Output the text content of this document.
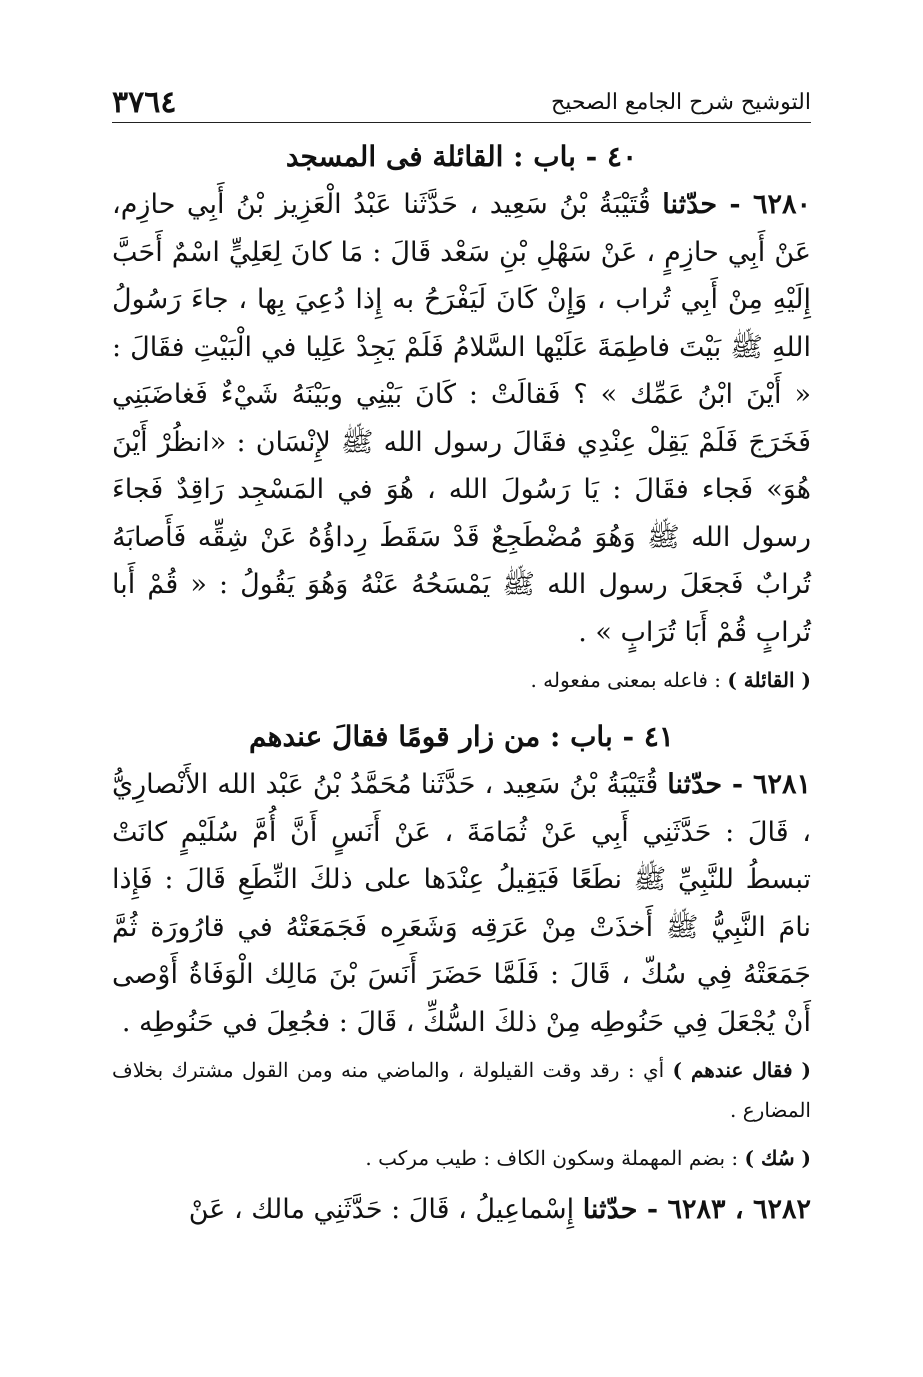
٣٧٦٤	التوشيح شرح الجامع الصحيح
٤٠ - باب : القائلة فى المسجد

٦٢٨٠ - حدّثنا قُتَيْبَةُ بْنُ سَعِيد ، حَدَّثَنا عَبْدُ الْعَزِيز بْنُ أَبِي حازِم، عَنْ أَبِي حازِمٍ ، عَنْ سَهْلِ بْنِ سَعْد قَالَ : مَا كانَ لِعَلِيٍّ اسْمٌ أَحَبَّ إِلَيْهِ مِنْ أَبِي تُراب ، وَإِنْ كَانَ لَيَفْرَحُ به إِذا دُعِيَ بِها ، جاءَ رَسُولُ اللهِ ﷺ بَيْتَ فاطِمَةَ عَلَيْها السَّلامُ فَلَمْ يَجِدْ عَلِيا في الْبَيْتِ فقَالَ : « أَيْنَ ابْنُ عَمِّك » ؟ فَقالَتْ : كَانَ بَيْنِي وبَيْنَهُ شَيْءٌ فَغاضَبَنِي فَخَرَجَ فَلَمْ يَقِلْ عِنْدِي فقَالَ رسول الله ﷺ لإِنْسَان : «انظُرْ أَيْنَ هُوَ» فَجاء فقَالَ : يَا رَسُولَ الله ، هُوَ في المَسْجِد رَاقِدٌ فَجاءَ رسول الله ﷺ وَهُوَ مُضْطَجِعٌ قَدْ سَقَطَ رِداؤُهُ عَنْ شِقِّه فَأَصابَهُ تُرابٌ فَجعَلَ رسول الله ﷺ يَمْسَحُهُ عَنْهُ وَهُوَ يَقُولُ : « قُمْ أَبا تُرابٍ قُمْ أَبَا تُرَابٍ » .

( القائلة ) : فاعله بمعنى مفعوله .

٤١ - باب : من زار قومًا فقالَ عندهم

٦٢٨١ - حدّثنا قُتَيْبَةُ بْنُ سَعِيد ، حَدَّثَنا مُحَمَّدُ بْنُ عَبْد الله الأَنْصارِيُّ ، قَالَ : حَدَّثَنِي أَبِي عَنْ ثُمَامَةَ ، عَنْ أَنَسٍ أَنَّ أُمَّ سُلَيْمٍ كانَتْ تبسطُ للنَّبِيِّ ﷺ نطَعًا فَيَقِيلُ عِنْدَها على ذلكَ النِّطَعِ قَالَ : فَإِذا نامَ النَّبِيُّ ﷺ أَخذَتْ مِنْ عَرَقِه وَشَعَرِه فَجَمَعَتْهُ في قارُورَة ثُمَّ جَمَعَتْهُ فِي سُكّ ، قَالَ : فَلَمَّا حَضَرَ أَنَسَ بْنَ مَالِك الْوَفَاةُ أَوْصى أَنْ يُجْعَلَ فِي حَنُوطِه مِنْ ذلكَ السُّكِّ ، قَالَ : فجُعِلَ في حَنُوطِه .

( فقال عندهم ) أي : رقد وقت القيلولة ، والماضي منه ومن القول مشترك بخلاف المضارع .

( سُك ) : بضم المهملة وسكون الكاف : طيب مركب .

٦٢٨٢ ، ٦٢٨٣ - حدّثنا إِسْماعِيلُ ، قَالَ : حَدَّثَنِي مالك ، عَنْ
